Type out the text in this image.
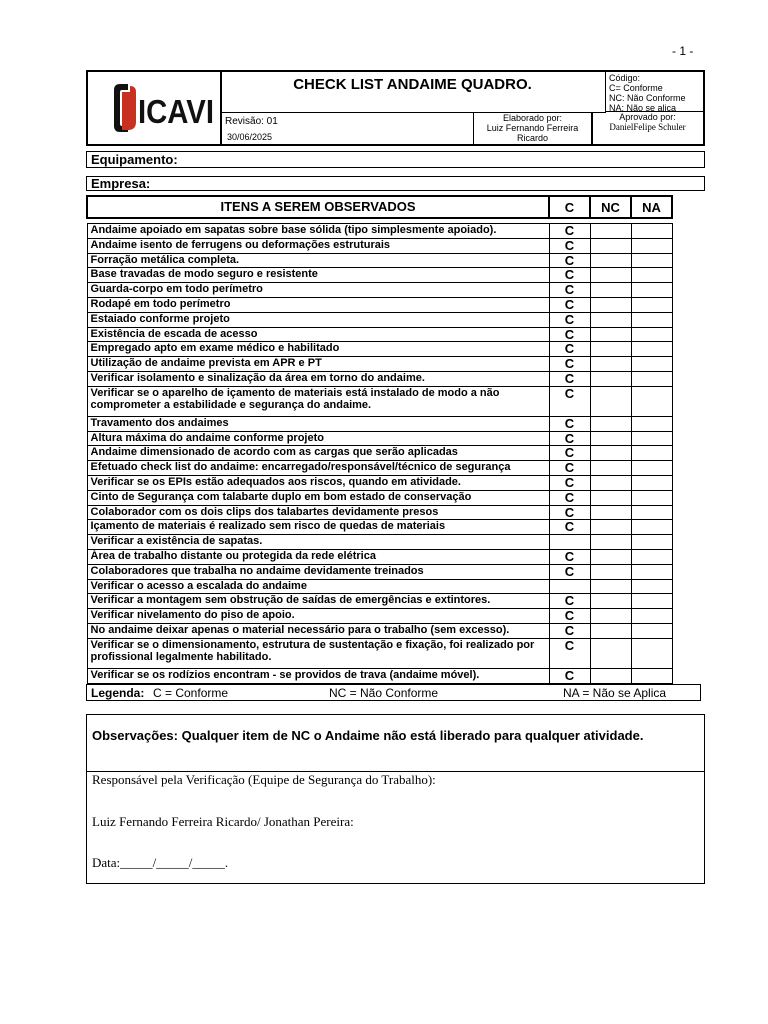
- 1 -
ICAVI
CHECK LIST ANDAIME QUADRO.	Código:
C= Conforme
NC: Não Conforme
NA: Não se alica
Revisão: 01
30/06/2025
Elaborado por:
Luiz Fernando Ferreira Ricardo
Aprovado por:
DanielFelipe Schuler
Equipamento:
Empresa:
ITENS A SEREM OBSERVADOS	C	NC	NA

Andaime apoiado em sapatas sobre base sólida (tipo simplesmente apoiado).	C		
Andaime isento de ferrugens ou deformações estruturais	C		
Forração metálica completa.	C		
Base travadas de modo seguro e resistente	C		
Guarda-corpo em todo perímetro	C		
Rodapé em todo perímetro	C		
Estaiado conforme projeto	C		
Existência de escada de acesso	C		
Empregado apto em exame médico e habilitado	C		
Utilização de andaime prevista em APR e PT	C		
Verificar isolamento e sinalização da área em torno do andaime.	C		
Verificar se o aparelho de içamento de materiais está instalado de modo a não comprometer a estabilidade e segurança do andaime.	C		
Travamento dos andaimes	C		
Altura máxima do andaime conforme projeto	C		
Andaime dimensionado de acordo com as cargas que serão aplicadas	C		
Efetuado check list do andaime: encarregado/responsável/técnico de segurança	C		
Verificar se os EPIs estão adequados aos riscos, quando em atividade.	C		
Cinto de Segurança com talabarte duplo em bom estado de conservação	C		
Colaborador com os dois clips dos talabartes devidamente presos	C		
Içamento de materiais é realizado sem risco de quedas de materiais	C		
Verificar a existência de sapatas.			
Área de trabalho distante ou protegida da rede elétrica	C		
Colaboradores que trabalha no andaime devidamente treinados	C		
Verificar o acesso a escalada do andaime			
Verificar a montagem sem obstrução de saídas de emergências e extintores.	C		
Verificar nivelamento do piso de apoio.	C		
No andaime deixar apenas o material necessário para o trabalho (sem excesso).	C		
Verificar se o dimensionamento, estrutura de sustentação e fixação, foi realizado por profissional legalmente habilitado.	C		
Verificar se os rodízios encontram - se providos de trava (andaime móvel).	C		
Legenda: C = Conforme	NC = Não Conforme	NA = Não se Aplica
Observações: Qualquer item de NC o Andaime não está liberado para qualquer atividade.
Responsável pela Verificação (Equipe de Segurança do Trabalho):
Luiz Fernando Ferreira Ricardo/ Jonathan Pereira:
Data:_____/_____/_____.
